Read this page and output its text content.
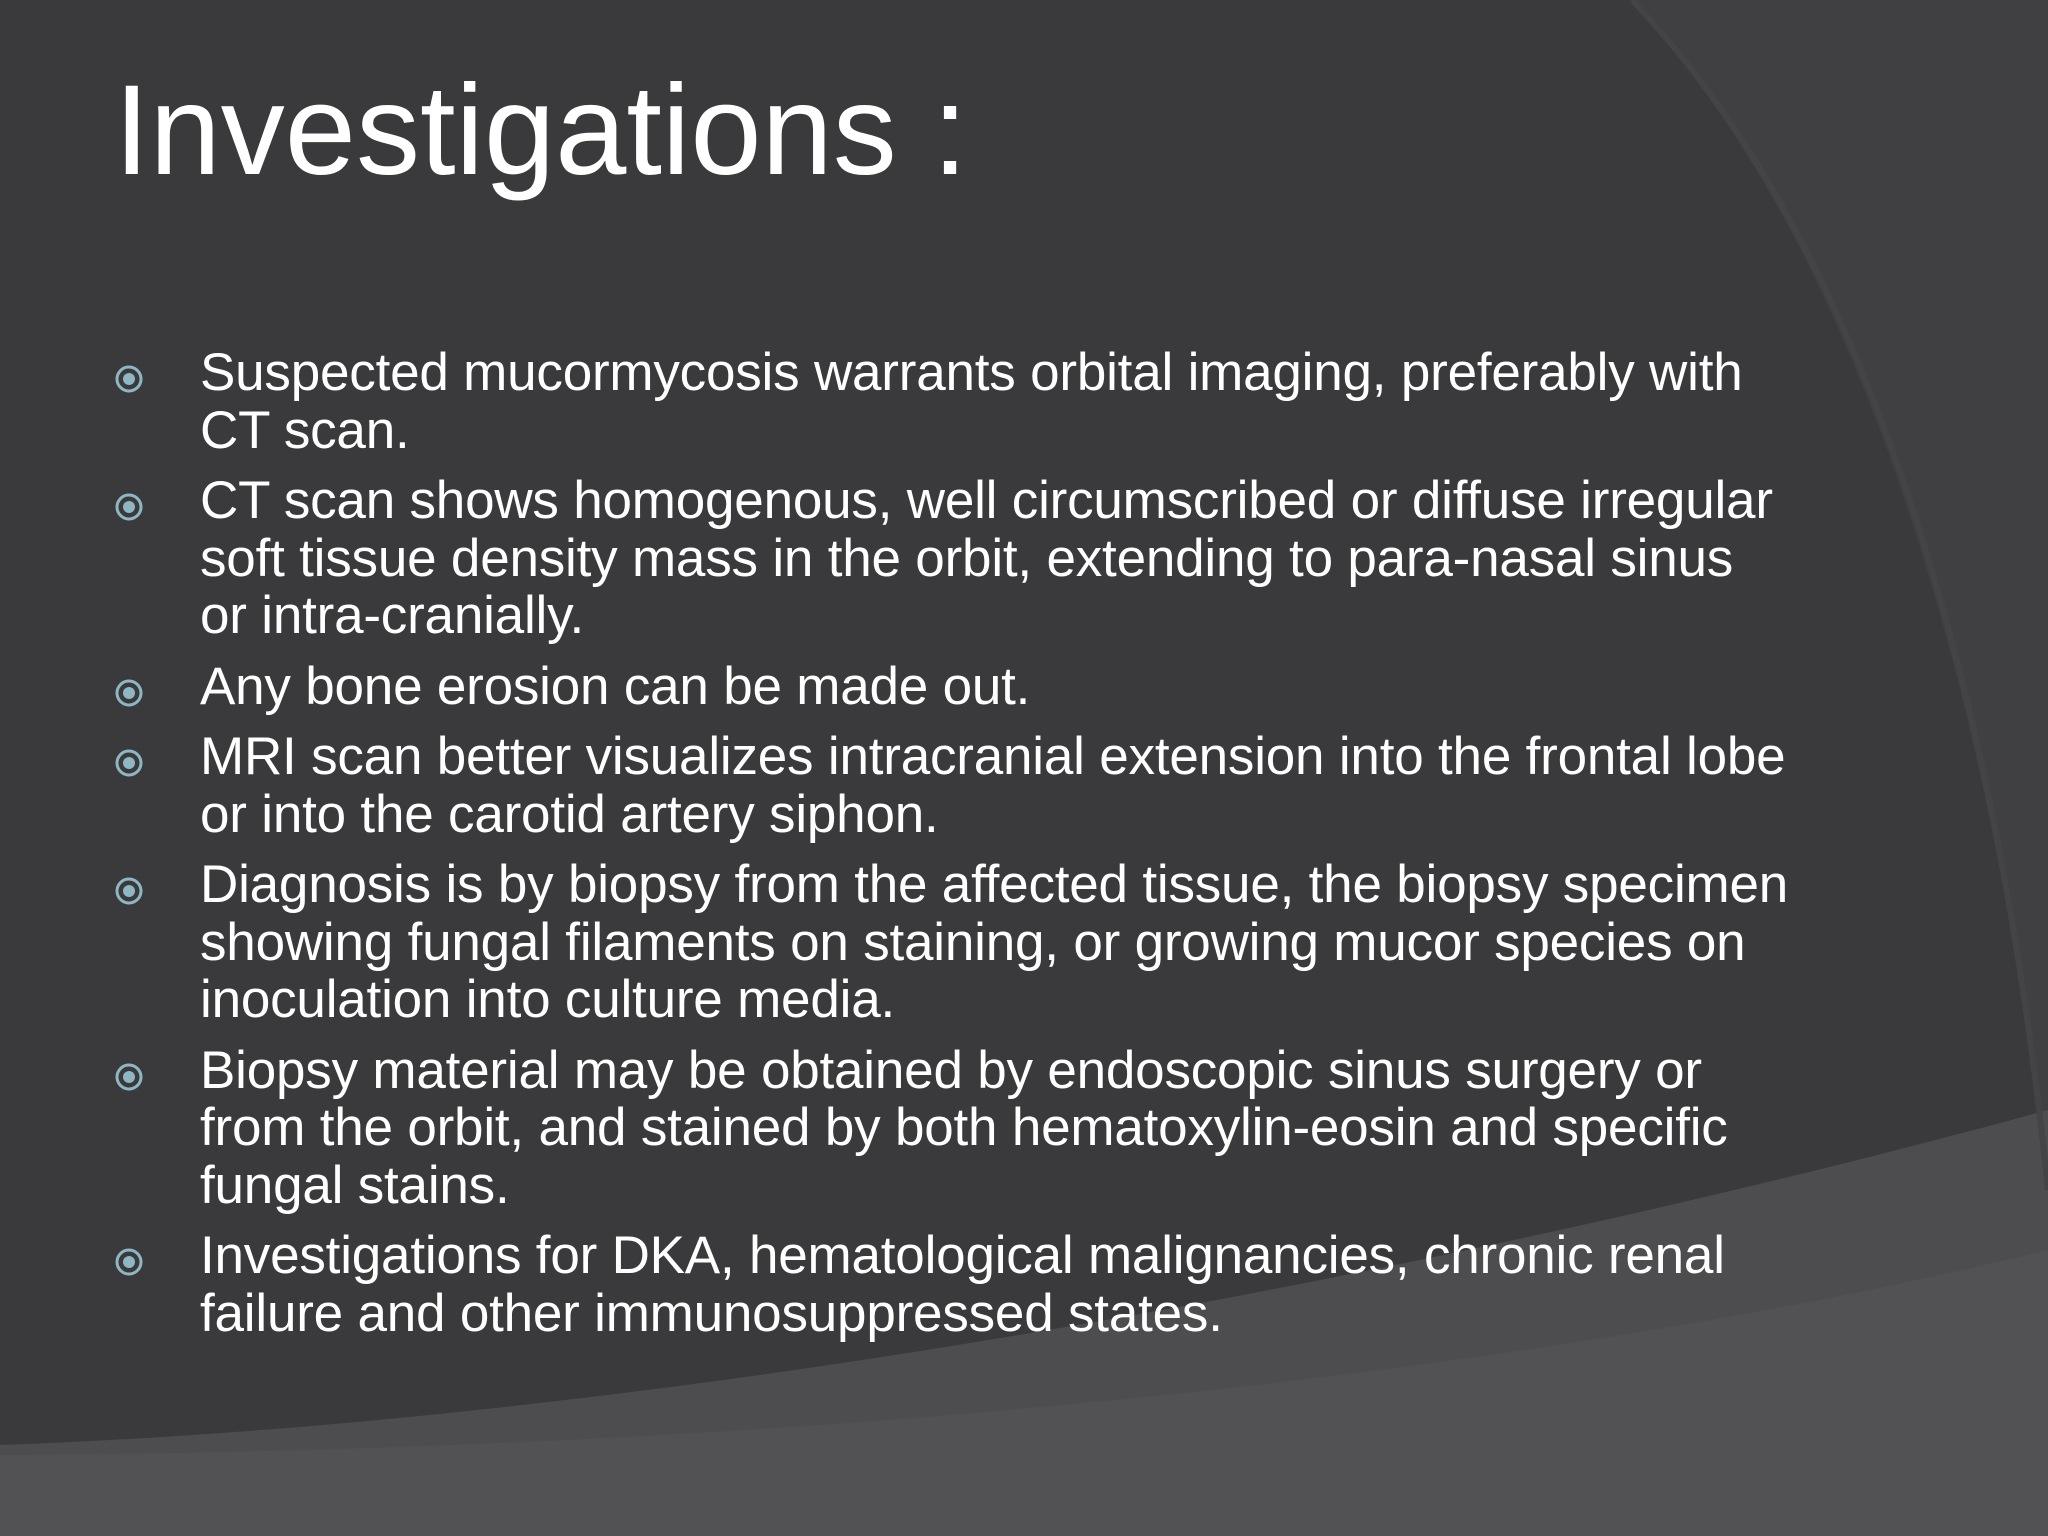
Investigations :
Suspected mucormycosis warrants orbital imaging, preferably with CT scan.
CT scan shows homogenous, well circumscribed or diffuse irregular soft tissue density mass in the orbit, extending to para-nasal sinus or intra-cranially.
Any bone erosion can be made out.
MRI scan better visualizes intracranial extension into the frontal lobe or into the carotid artery siphon.
Diagnosis is by biopsy from the affected tissue, the biopsy specimen showing fungal filaments on staining, or growing mucor species on inoculation into culture media.
Biopsy material may be obtained by endoscopic sinus surgery or from the orbit, and stained by both hematoxylin-eosin and specific fungal stains.
Investigations for DKA, hematological malignancies, chronic renal failure and other immunosuppressed states.
